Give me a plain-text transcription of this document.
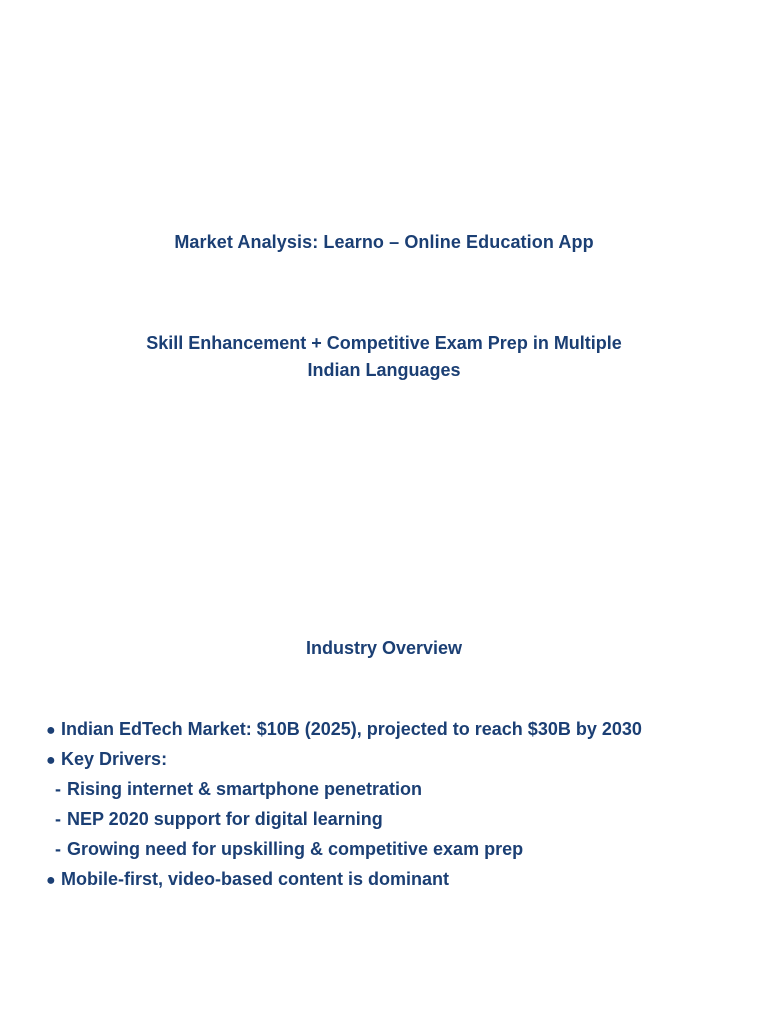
Market Analysis: Learno – Online Education App
Skill Enhancement + Competitive Exam Prep in Multiple
Indian Languages
Industry Overview
● Indian EdTech Market: $10B (2025), projected to reach $30B by 2030
● Key Drivers:
- Rising internet & smartphone penetration
- NEP 2020 support for digital learning
- Growing need for upskilling & competitive exam prep
● Mobile-first, video-based content is dominant
